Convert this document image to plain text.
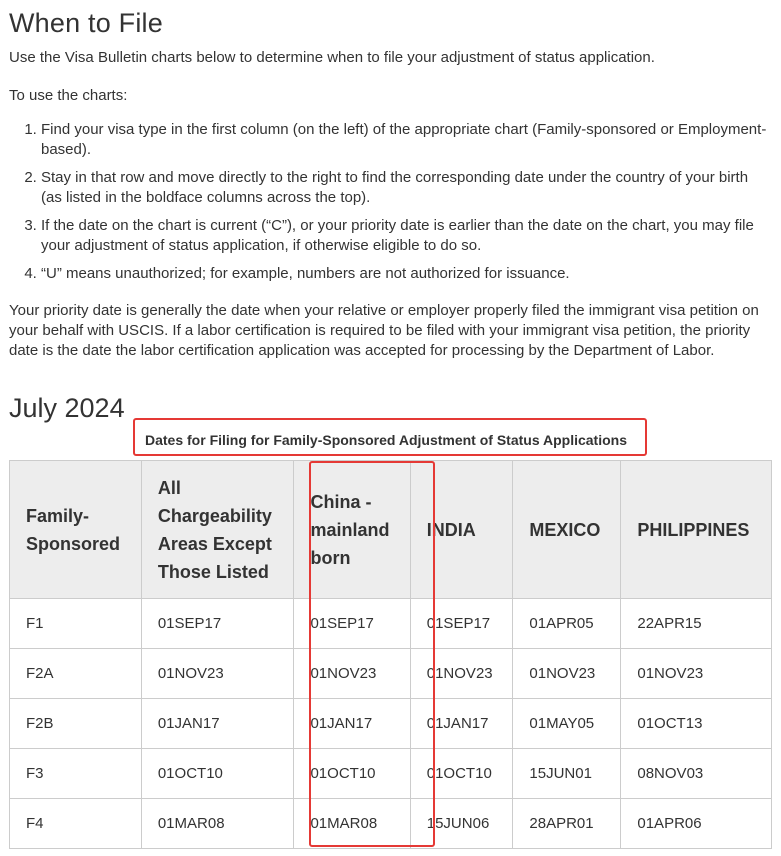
When to File

Use the Visa Bulletin charts below to determine when to file your adjustment of status application.

To use the charts:

1. Find your visa type in the first column (on the left) of the appropriate chart (Family-sponsored or Employment-based).
2. Stay in that row and move directly to the right to find the corresponding date under the country of your birth (as listed in the boldface columns across the top).
3. If the date on the chart is current (“C”), or your priority date is earlier than the date on the chart, you may file your adjustment of status application, if otherwise eligible to do so.
4. “U” means unauthorized; for example, numbers are not authorized for issuance.

Your priority date is generally the date when your relative or employer properly filed the immigrant visa petition on your behalf with USCIS. If a labor certification is required to be filed with your immigrant visa petition, the priority date is the date the labor certification application was accepted for processing by the Department of Labor.

July 2024
Dates for Filing for Family-Sponsored Adjustment of Status Applications
Family-Sponsored	All Chargeability Areas Except Those Listed	China - mainland born	INDIA	MEXICO	PHILIPPINES
F1	01SEP17	01SEP17	01SEP17	01APR05	22APR15
F2A	01NOV23	01NOV23	01NOV23	01NOV23	01NOV23
F2B	01JAN17	01JAN17	01JAN17	01MAY05	01OCT13
F3	01OCT10	01OCT10	01OCT10	15JUN01	08NOV03
F4	01MAR08	01MAR08	15JUN06	28APR01	01APR06
